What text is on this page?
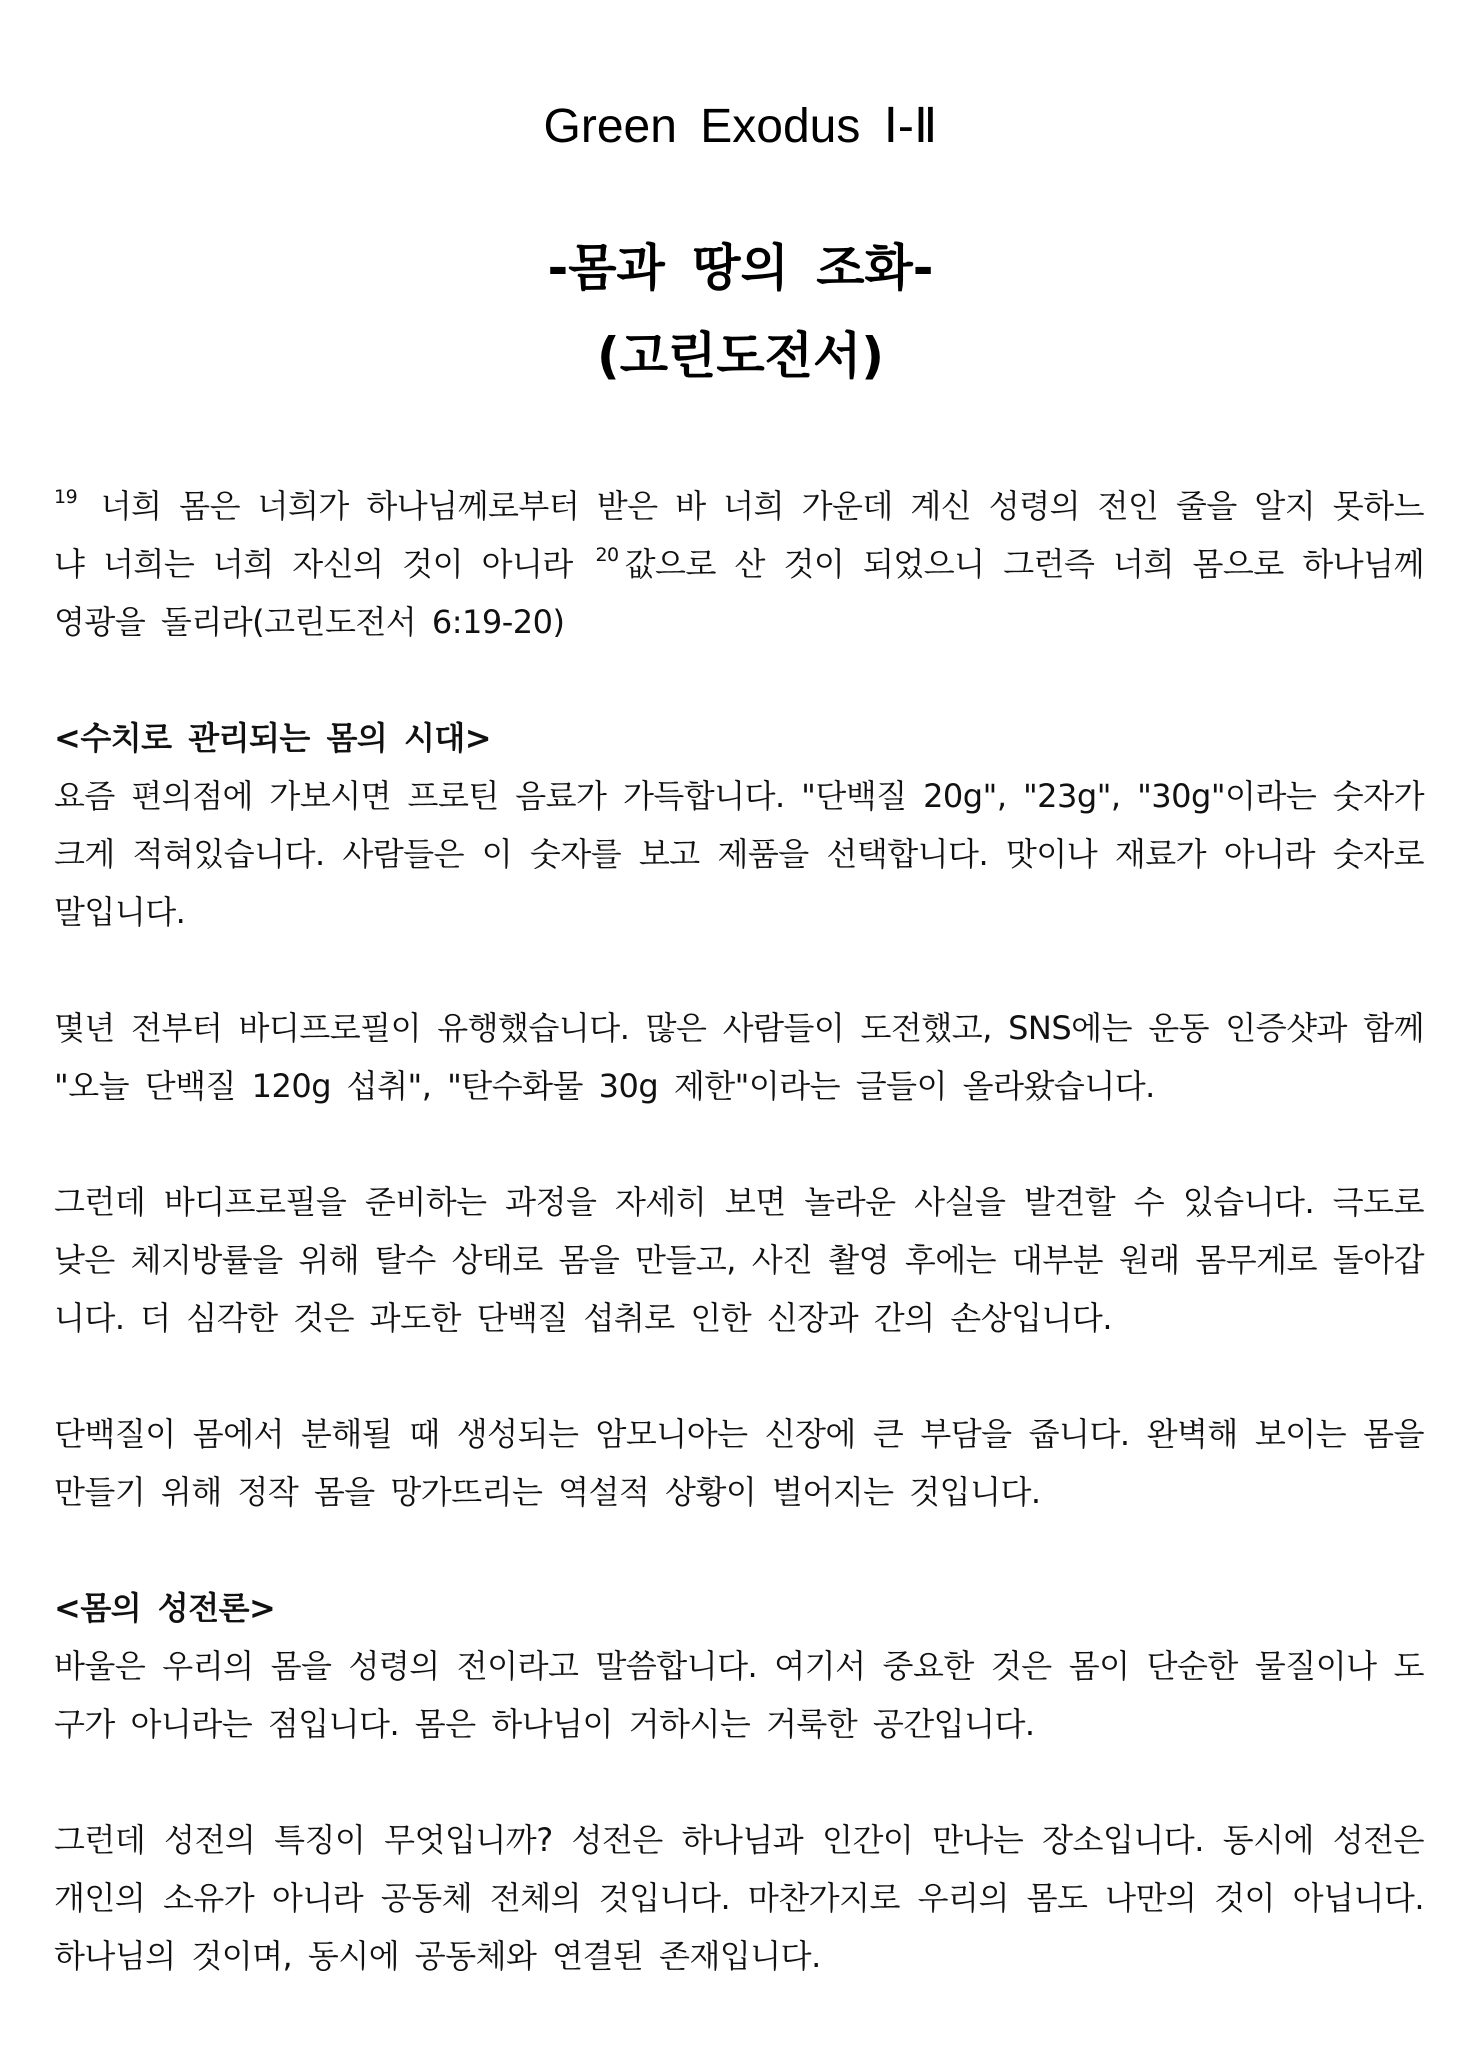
Green Exodus Ⅰ-Ⅱ
-몸과 땅의 조화-
(고린도전서)

$^{19}$ 너희 몸은 너희가 하나님께로부터 받은 바 너희 가운데 계신 성령의 전인 줄을 알지 못하느냐 너희는 너희 자신의 것이 아니라 $^{20}$ 값으로 산 것이 되었으니 그런즉 너희 몸으로 하나님께 영광을 돌리라(고린도전서 6:19-20)

<수치로 관리되는 몸의 시대>

요즘 편의점에 가보시면 프로틴 음료가 가득합니다. "단백질 20g", "23g", "30g"이라는 숫자가 크게 적혀있습니다. 사람들은 이 숫자를 보고 제품을 선택합니다. 맛이나 재료가 아니라 숫자로 말입니다.

몇년 전부터 바디프로필이 유행했습니다. 많은 사람들이 도전했고, SNS에는 운동 인증샷과 함께 "오늘 단백질 120g 섭취", "탄수화물 30g 제한"이라는 글들이 올라왔습니다.

그런데 바디프로필을 준비하는 과정을 자세히 보면 놀라운 사실을 발견할 수 있습니다. 극도로 낮은 체지방률을 위해 탈수 상태로 몸을 만들고, 사진 촬영 후에는 대부분 원래 몸무게로 돌아갑니다. 더 심각한 것은 과도한 단백질 섭취로 인한 신장과 간의 손상입니다.

단백질이 몸에서 분해될 때 생성되는 암모니아는 신장에 큰 부담을 줍니다. 완벽해 보이는 몸을 만들기 위해 정작 몸을 망가뜨리는 역설적 상황이 벌어지는 것입니다.

<몸의 성전론>

바울은 우리의 몸을 성령의 전이라고 말씀합니다. 여기서 중요한 것은 몸이 단순한 물질이나 도구가 아니라는 점입니다. 몸은 하나님이 거하시는 거룩한 공간입니다.

그런데 성전의 특징이 무엇입니까? 성전은 하나님과 인간이 만나는 장소입니다. 동시에 성전은 개인의 소유가 아니라 공동체 전체의 것입니다. 마찬가지로 우리의 몸도 나만의 것이 아닙니다. 하나님의 것이며, 동시에 공동체와 연결된 존재입니다.
